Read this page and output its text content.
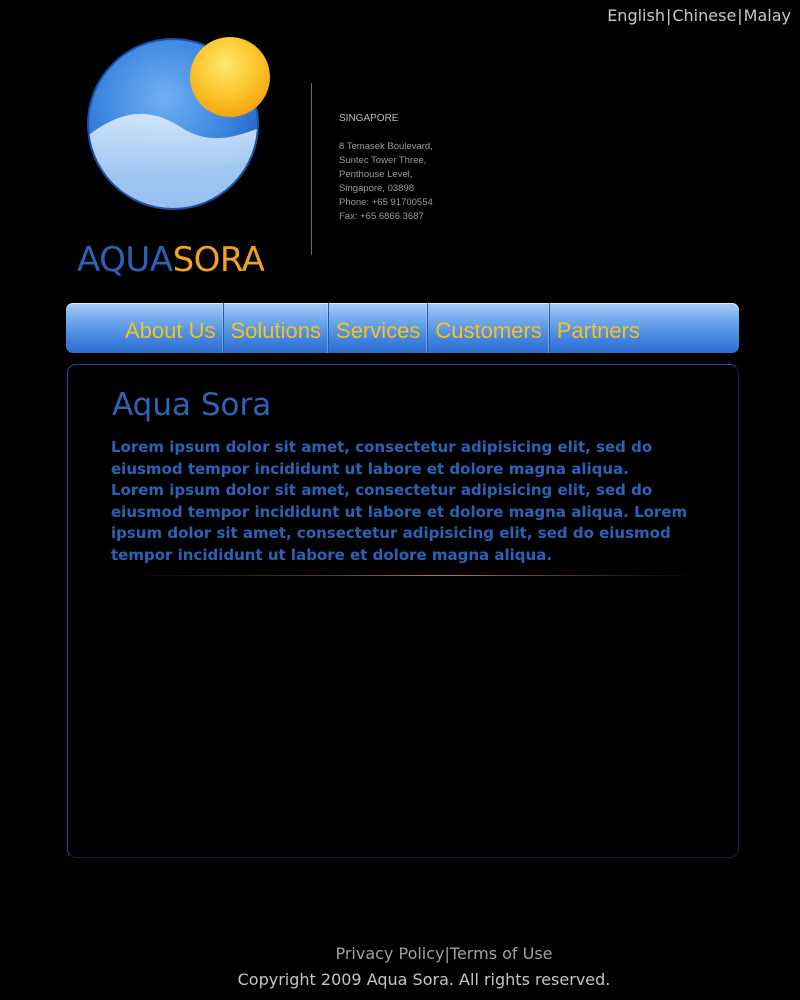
English|Chinese|Malay
AQUASORA
SINGAPORE
8 Temasek Boulevard,
Suntec Tower Three,
Penthouse Level,
Singapore, 03898
Phone: +65 91700554
Fax: +65 6866 3687
About Us Solutions Services Customers Partners
Aqua Sora

Lorem ipsum dolor sit amet, consectetur adipisicing elit, sed do eiusmod tempor incididunt ut labore et dolore magna aliqua.

Lorem ipsum dolor sit amet, consectetur adipisicing elit, sed do eiusmod tempor incididunt ut labore et dolore magna aliqua. Lorem ipsum dolor sit amet, consectetur adipisicing elit, sed do eiusmod tempor incididunt ut labore et dolore magna aliqua.

Privacy Policy|Terms of Use
Copyright 2009 Aqua Sora. All rights reserved.
